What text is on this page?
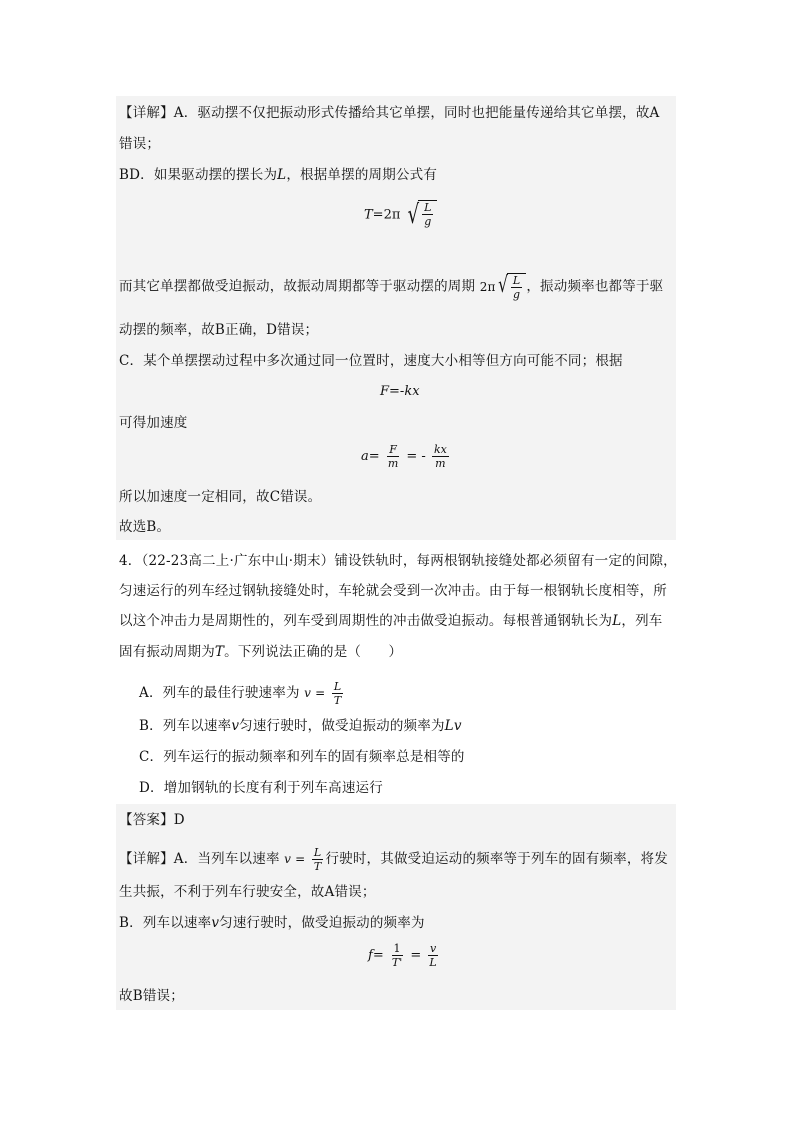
【详解】A．驱动摆不仅把振动形式传播给其它单摆，同时也把能量传递给其它单摆，故A
错误；
BD．如果驱动摆的摆长为L，根据单摆的周期公式有
T=2π √ $\frac{L}{g}$
而其它单摆都做受迫振动，故振动周期都等于驱动摆的周期 2π √ $\frac{L}{g}$ ，振动频率也都等于驱
动摆的频率，故B正确，D错误；
C．某个单摆摆动过程中多次通过同一位置时，速度大小相等但方向可能不同；根据
F=-kx
可得加速度
$a= \frac{F}{m}$ = - $\frac{kx}{m}$
所以加速度一定相同，故C错误。
故选B。
4．（22-23高二上·广东中山·期末）铺设铁轨时，每两根钢轨接缝处都必须留有一定的间隙，
匀速运行的列车经过钢轨接缝处时，车轮就会受到一次冲击。由于每一根钢轨长度相等，所
以这个冲击力是周期性的，列车受到周期性的冲击做受迫振动。每根普通钢轨长为L，列车
固有振动周期为T。下列说法正确的是（　　）
A．列车的最佳行驶速率为 $v = \frac{L}{T}$
B．列车以速率v匀速行驶时，做受迫振动的频率为Lv
C．列车运行的振动频率和列车的固有频率总是相等的
D．增加钢轨的长度有利于列车高速运行
【答案】D
【详解】A．当列车以速率 $v = \frac{L}{T}$ 行驶时，其做受迫运动的频率等于列车的固有频率，将发
生共振，不利于列车行驶安全，故A错误；
B．列车以速率v匀速行驶时，做受迫振动的频率为
$f= \frac{1}{T'} = \frac{v}{L}$
故B错误；
